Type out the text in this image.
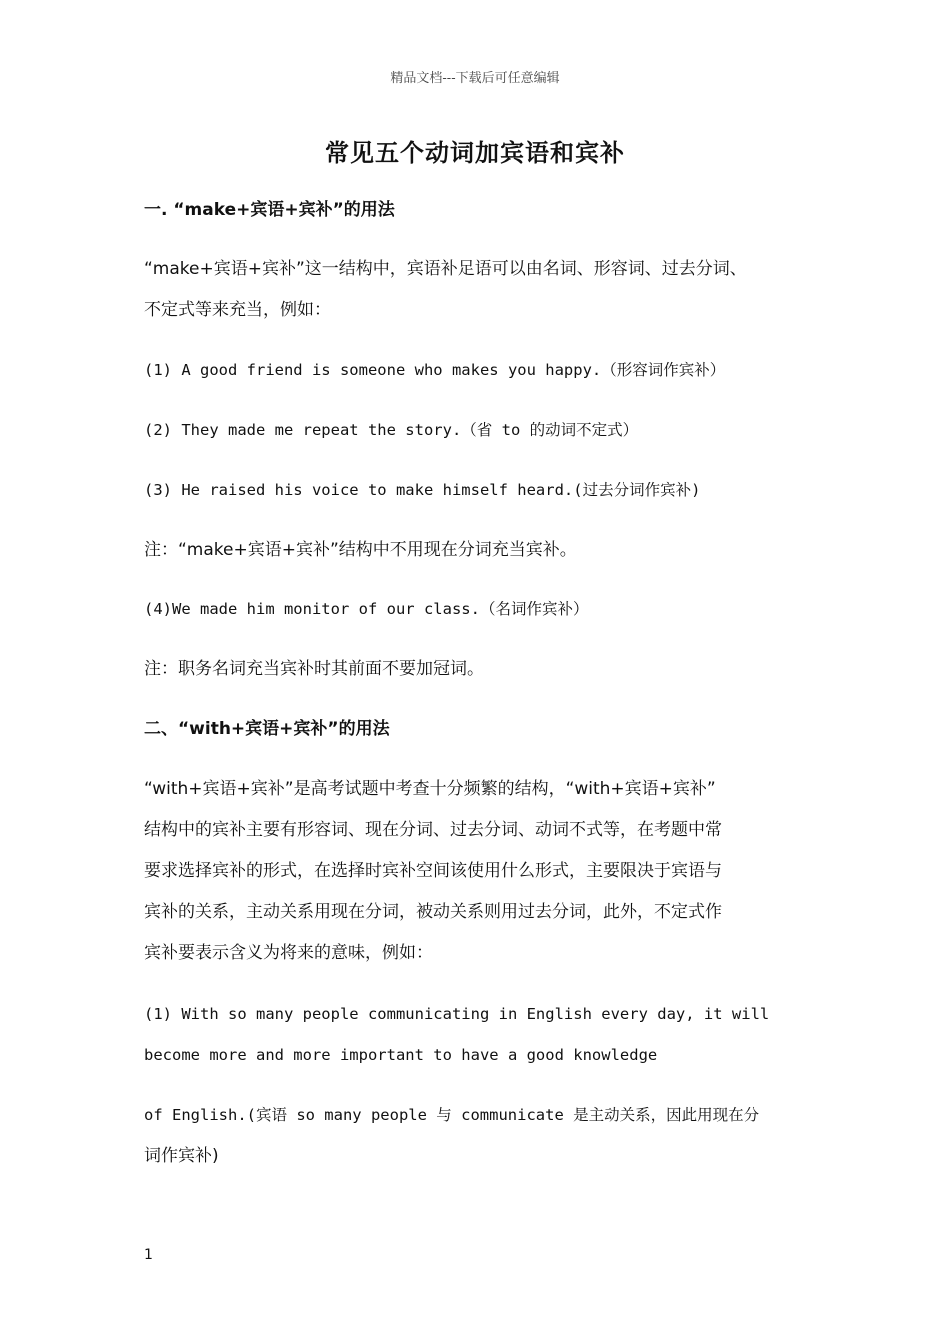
精品文档---下载后可任意编辑
常见五个动词加宾语和宾补
一. “make+宾语+宾补”的用法
“make+宾语+宾补”这一结构中，宾语补足语可以由名词、形容词、过去分词、
不定式等来充当，例如：
(1) A good friend is someone who makes you happy.（形容词作宾补）
(2) They made me repeat the story.（省 to 的动词不定式）
(3) He raised his voice to make himself heard.(过去分词作宾补)
注：“make+宾语+宾补”结构中不用现在分词充当宾补。
(4)We made him monitor of our class.（名词作宾补）
注：职务名词充当宾补时其前面不要加冠词。
二、“with+宾语+宾补”的用法
“with+宾语+宾补”是高考试题中考查十分频繁的结构，“with+宾语+宾补”
结构中的宾补主要有形容词、现在分词、过去分词、动词不式等，在考题中常
要求选择宾补的形式，在选择时宾补空间该使用什么形式，主要限决于宾语与
宾补的关系，主动关系用现在分词，被动关系则用过去分词，此外，不定式作
宾补要表示含义为将来的意味，例如：
(1) With so many people communicating in English every day, it will
become more and more important to have a good knowledge
of English.(宾语 so many people 与 communicate 是主动关系，因此用现在分
词作宾补)
1
